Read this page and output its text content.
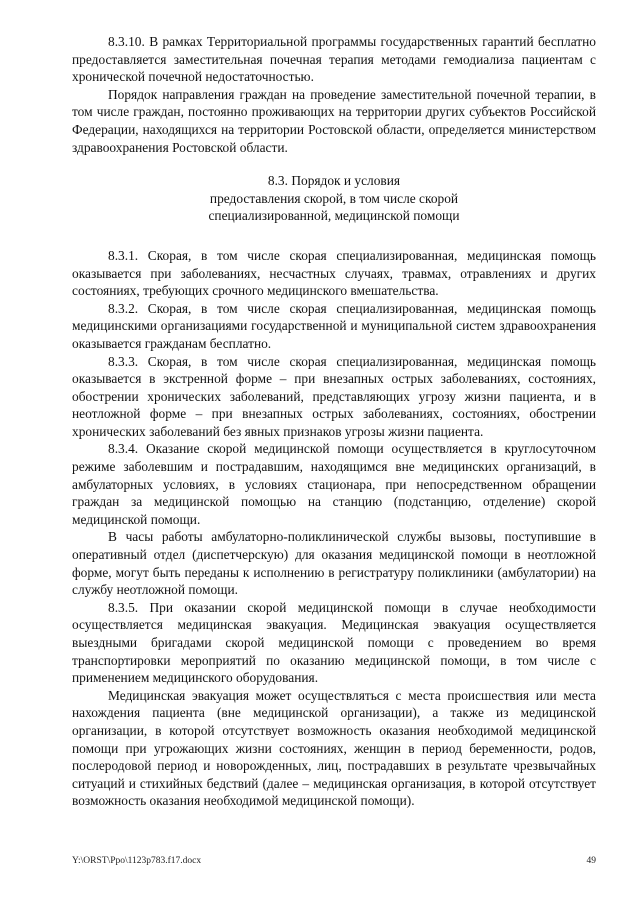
8.3.10. В рамках Территориальной программы государственных гарантий бесплатно предоставляется заместительная почечная терапия методами гемодиализа пациентам с хронической почечной недостаточностью.

Порядок направления граждан на проведение заместительной почечной терапии, в том числе граждан, постоянно проживающих на территории других субъектов Российской Федерации, находящихся на территории Ростовской области, определяется министерством здравоохранения Ростовской области.

8.3. Порядок и условия
предоставления скорой, в том числе скорой
специализированной, медицинской помощи

8.3.1. Скорая, в том числе скорая специализированная, медицинская помощь оказывается при заболеваниях, несчастных случаях, травмах, отравлениях и других состояниях, требующих срочного медицинского вмешательства.

8.3.2. Скорая, в том числе скорая специализированная, медицинская помощь медицинскими организациями государственной и муниципальной систем здравоохранения оказывается гражданам бесплатно.

8.3.3. Скорая, в том числе скорая специализированная, медицинская помощь оказывается в экстренной форме – при внезапных острых заболеваниях, состояниях, обострении хронических заболеваний, представляющих угрозу жизни пациента, и в неотложной форме – при внезапных острых заболеваниях, состояниях, обострении хронических заболеваний без явных признаков угрозы жизни пациента.

8.3.4. Оказание скорой медицинской помощи осуществляется в круглосуточном режиме заболевшим и пострадавшим, находящимся вне медицинских организаций, в амбулаторных условиях, в условиях стационара, при непосредственном обращении граждан за медицинской помощью на станцию (подстанцию, отделение) скорой медицинской помощи.

В часы работы амбулаторно-поликлинической службы вызовы, поступившие в оперативный отдел (диспетчерскую) для оказания медицинской помощи в неотложной форме, могут быть переданы к исполнению в регистратуру поликлиники (амбулатории) на службу неотложной помощи.

8.3.5. При оказании скорой медицинской помощи в случае необходимости осуществляется медицинская эвакуация. Медицинская эвакуация осуществляется выездными бригадами скорой медицинской помощи с проведением во время транспортировки мероприятий по оказанию медицинской помощи, в том числе с применением медицинского оборудования.

Медицинская эвакуация может осуществляться с места происшествия или места нахождения пациента (вне медицинской организации), а также из медицинской организации, в которой отсутствует возможность оказания необходимой медицинской помощи при угрожающих жизни состояниях, женщин в период беременности, родов, послеродовой период и новорожденных, лиц, пострадавших в результате чрезвычайных ситуаций и стихийных бедствий (далее – медицинская организация, в которой отсутствует возможность оказания необходимой медицинской помощи).

Y:\ORST\Ppo\1123p783.f17.docx	49
